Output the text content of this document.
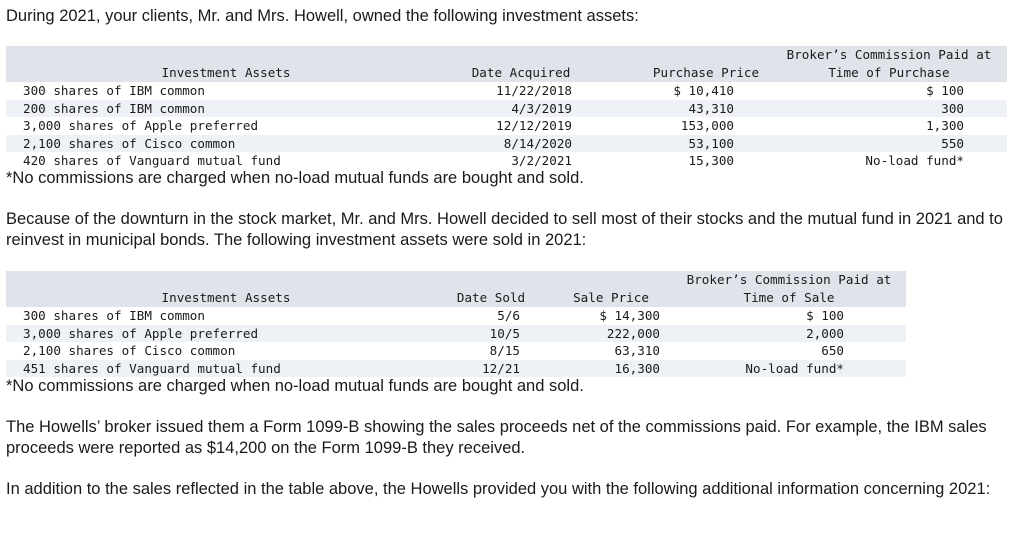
During 2021, your clients, Mr. and Mrs. Howell, owned the following investment assets:

Investment Assets	Date Acquired	Purchase Price
Broker’s Commission Paid at
Time of Purchase
300 shares of IBM common	11/22/2018	$ 10,410	$ 100
200 shares of IBM common	4/3/2019	43,310	300
3,000 shares of Apple preferred	12/12/2019	153,000	1,300
2,100 shares of Cisco common	8/14/2020	53,100	550
420 shares of Vanguard mutual fund	3/2/2021	15,300	No-load fund*
*No commissions are charged when no-load mutual funds are bought and sold.

Because of the downturn in the stock market, Mr. and Mrs. Howell decided to sell most of their stocks and the mutual fund in 2021 and to reinvest in municipal bonds. The following investment assets were sold in 2021:

Investment Assets	Date Sold	Sale Price
Broker’s Commission Paid at
Time of Sale
300 shares of IBM common	5/6	$ 14,300	$ 100
3,000 shares of Apple preferred	10/5	222,000	2,000
2,100 shares of Cisco common	8/15	63,310	650
451 shares of Vanguard mutual fund	12/21	16,300	No-load fund*
*No commissions are charged when no-load mutual funds are bought and sold.

The Howells’ broker issued them a Form 1099-B showing the sales proceeds net of the commissions paid. For example, the IBM sales proceeds were reported as $14,200 on the Form 1099-B they received.

In addition to the sales reflected in the table above, the Howells provided you with the following additional information concerning 2021:
